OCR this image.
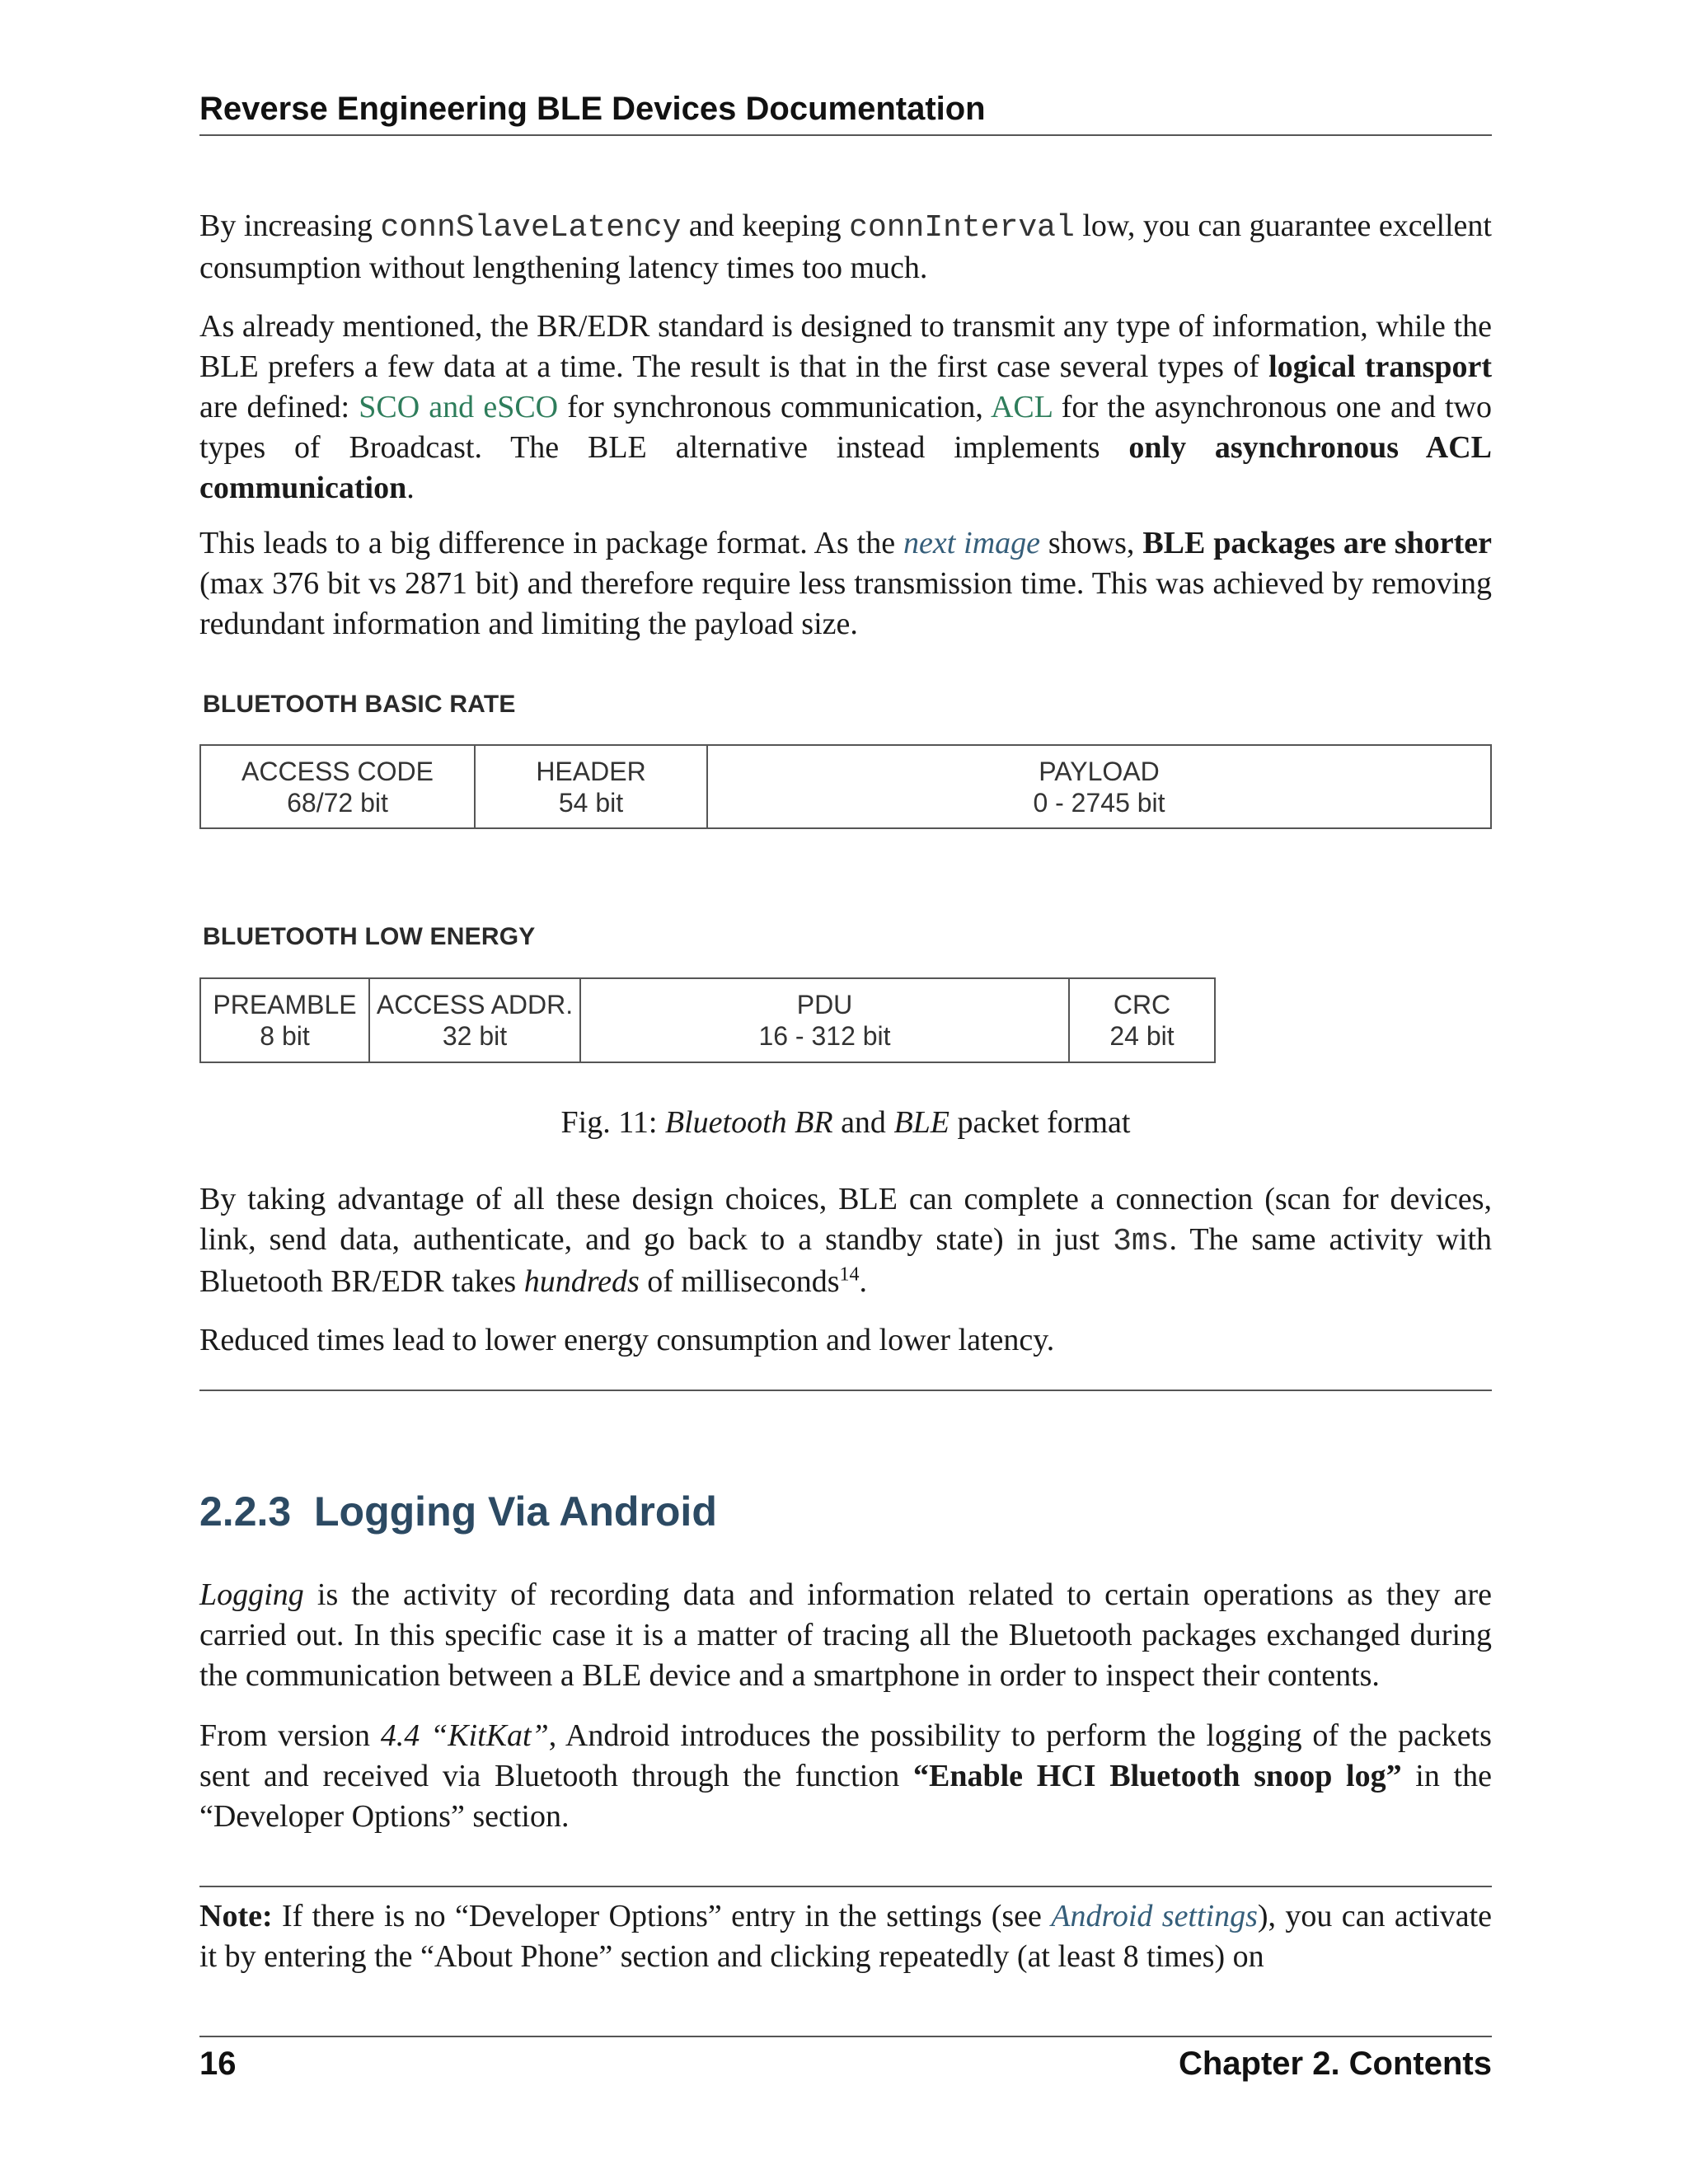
Reverse Engineering BLE Devices Documentation

By increasing connSlaveLatency and keeping connInterval low, you can guarantee excellent consumption without lengthening latency times too much.

As already mentioned, the BR/EDR standard is designed to transmit any type of information, while the BLE prefers a few data at a time. The result is that in the first case several types of logical transport are defined: SCO and eSCO for synchronous communication, ACL for the asynchronous one and two types of Broadcast. The BLE alternative instead implements only asynchronous ACL communication.

This leads to a big difference in package format. As the next image shows, BLE packages are shorter (max 376 bit vs 2871 bit) and therefore require less transmission time. This was achieved by removing redundant information and limiting the payload size.

BLUETOOTH BASIC RATE
ACCESS CODE
68/72 bit
HEADER
54 bit
PAYLOAD
0 - 2745 bit
BLUETOOTH LOW ENERGY
PREAMBLE
8 bit
ACCESS ADDR.
32 bit
PDU
16 - 312 bit
CRC
24 bit
Fig. 11: Bluetooth BR and BLE packet format

By taking advantage of all these design choices, BLE can complete a connection (scan for devices, link, send data, authenticate, and go back to a standby state) in just 3ms. The same activity with Bluetooth BR/EDR takes hundreds of milliseconds$^{14}$.

Reduced times lead to lower energy consumption and lower latency.

2.2.3 Logging Via Android

Logging is the activity of recording data and information related to certain operations as they are carried out. In this specific case it is a matter of tracing all the Bluetooth packages exchanged during the communication between a BLE device and a smartphone in order to inspect their contents.

From version 4.4 “KitKat”, Android introduces the possibility to perform the logging of the packets sent and received via Bluetooth through the function “Enable HCI Bluetooth snoop log” in the “Developer Options” section.

Note: If there is no “Developer Options” entry in the settings (see Android settings), you can activate it by entering the “About Phone” section and clicking repeatedly (at least 8 times) on

16	Chapter 2. Contents
